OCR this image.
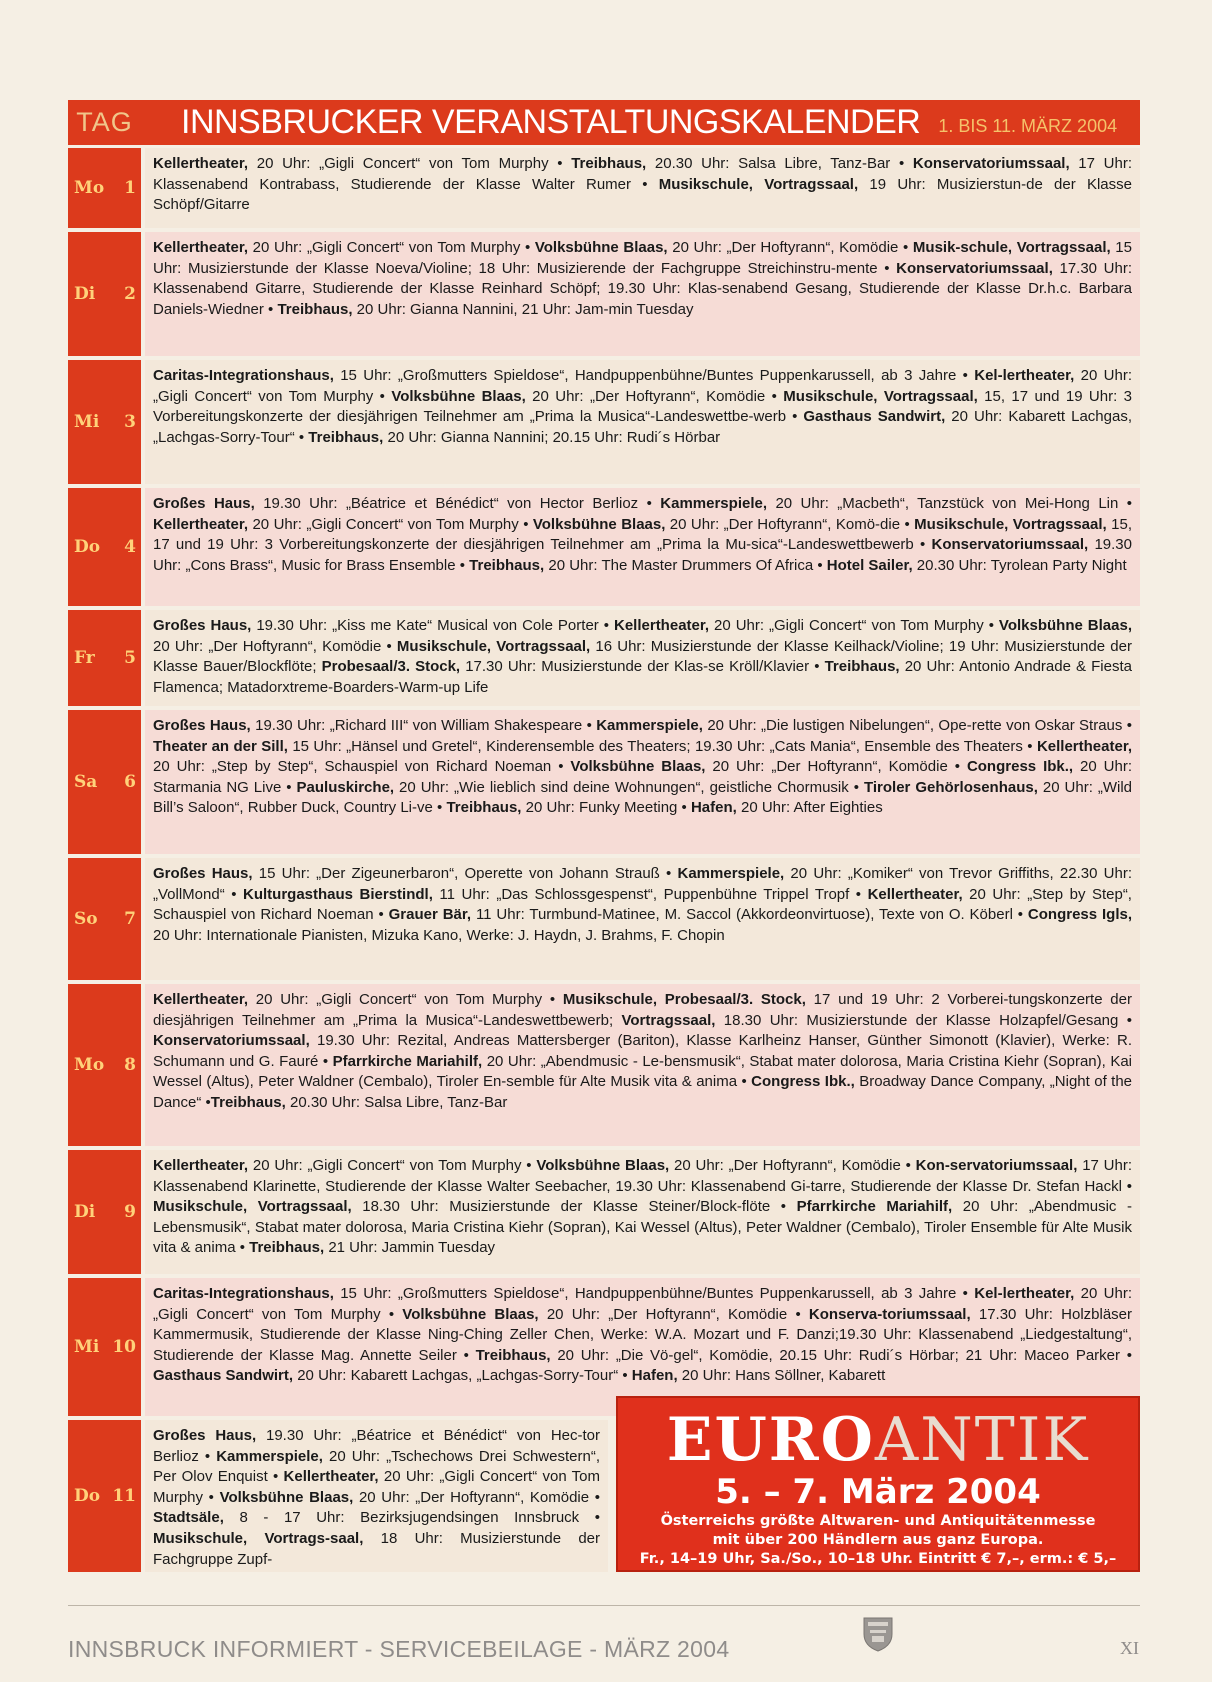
TAG INNSBRUCKER VERANSTALTUNGSKALENDER 1. BIS 11. MÄRZ 2004
Mo 1
Kellertheater, 20 Uhr: „Gigli Concert“ von Tom Murphy • Treibhaus, 20.30 Uhr: Salsa Libre, Tanz-Bar • Konservatoriumssaal, 17 Uhr: Klassenabend Kontrabass, Studierende der Klasse Walter Rumer • Musikschule, Vortragssaal, 19 Uhr: Musizierstun-de der Klasse Schöpf/Gitarre
Di 2
Kellertheater, 20 Uhr: „Gigli Concert“ von Tom Murphy • Volksbühne Blaas, 20 Uhr: „Der Hoftyrann“, Komödie • Musik-schule, Vortragssaal, 15 Uhr: Musizierstunde der Klasse Noeva/Violine; 18 Uhr: Musizierende der Fachgruppe Streichinstru-mente • Konservatoriumssaal, 17.30 Uhr: Klassenabend Gitarre, Studierende der Klasse Reinhard Schöpf; 19.30 Uhr: Klas-senabend Gesang, Studierende der Klasse Dr.h.c. Barbara Daniels-Wiedner • Treibhaus, 20 Uhr: Gianna Nannini, 21 Uhr: Jam-min Tuesday
Mi 3
Caritas-Integrationshaus, 15 Uhr: „Großmutters Spieldose“, Handpuppenbühne/Buntes Puppenkarussell, ab 3 Jahre • Kel-lertheater, 20 Uhr: „Gigli Concert“ von Tom Murphy • Volksbühne Blaas, 20 Uhr: „Der Hoftyrann“, Komödie • Musikschule, Vortragssaal, 15, 17 und 19 Uhr: 3 Vorbereitungskonzerte der diesjährigen Teilnehmer am „Prima la Musica“-Landeswettbe-werb • Gasthaus Sandwirt, 20 Uhr: Kabarett Lachgas, „Lachgas-Sorry-Tour“ • Treibhaus, 20 Uhr: Gianna Nannini; 20.15 Uhr: Rudi´s Hörbar
Do 4
Großes Haus, 19.30 Uhr: „Béatrice et Bénédict“ von Hector Berlioz • Kammerspiele, 20 Uhr: „Macbeth“, Tanzstück von Mei-Hong Lin • Kellertheater, 20 Uhr: „Gigli Concert“ von Tom Murphy • Volksbühne Blaas, 20 Uhr: „Der Hoftyrann“, Komö-die • Musikschule, Vortragssaal, 15, 17 und 19 Uhr: 3 Vorbereitungskonzerte der diesjährigen Teilnehmer am „Prima la Mu-sica“-Landeswettbewerb • Konservatoriumssaal, 19.30 Uhr: „Cons Brass“, Music for Brass Ensemble • Treibhaus, 20 Uhr: The Master Drummers Of Africa • Hotel Sailer, 20.30 Uhr: Tyrolean Party Night
Fr 5
Großes Haus, 19.30 Uhr: „Kiss me Kate“ Musical von Cole Porter • Kellertheater, 20 Uhr: „Gigli Concert“ von Tom Murphy • Volksbühne Blaas, 20 Uhr: „Der Hoftyrann“, Komödie • Musikschule, Vortragssaal, 16 Uhr: Musizierstunde der Klasse Keilhack/Violine; 19 Uhr: Musizierstunde der Klasse Bauer/Blockflöte; Probesaal/3. Stock, 17.30 Uhr: Musizierstunde der Klas-se Kröll/Klavier • Treibhaus, 20 Uhr: Antonio Andrade & Fiesta Flamenca; Matadorxtreme-Boarders-Warm-up Life
Sa 6
Großes Haus, 19.30 Uhr: „Richard III“ von William Shakespeare • Kammerspiele, 20 Uhr: „Die lustigen Nibelungen“, Ope-rette von Oskar Straus • Theater an der Sill, 15 Uhr: „Hänsel und Gretel“, Kinderensemble des Theaters; 19.30 Uhr: „Cats Mania“, Ensemble des Theaters • Kellertheater, 20 Uhr: „Step by Step“, Schauspiel von Richard Noeman • Volksbühne Blaas, 20 Uhr: „Der Hoftyrann“, Komödie • Congress Ibk., 20 Uhr: Starmania NG Live • Pauluskirche, 20 Uhr: „Wie lieblich sind deine Wohnungen“, geistliche Chormusik • Tiroler Gehörlosenhaus, 20 Uhr: „Wild Bill’s Saloon“, Rubber Duck, Country Li-ve • Treibhaus, 20 Uhr: Funky Meeting • Hafen, 20 Uhr: After Eighties
So 7
Großes Haus, 15 Uhr: „Der Zigeunerbaron“, Operette von Johann Strauß • Kammerspiele, 20 Uhr: „Komiker“ von Trevor Griffiths, 22.30 Uhr: „VollMond“ • Kulturgasthaus Bierstindl, 11 Uhr: „Das Schlossgespenst“, Puppenbühne Trippel Tropf • Kellertheater, 20 Uhr: „Step by Step“, Schauspiel von Richard Noeman • Grauer Bär, 11 Uhr: Turmbund-Matinee, M. Saccol (Akkordeonvirtuose), Texte von O. Köberl • Congress Igls, 20 Uhr: Internationale Pianisten, Mizuka Kano, Werke: J. Haydn, J. Brahms, F. Chopin
Mo 8
Kellertheater, 20 Uhr: „Gigli Concert“ von Tom Murphy • Musikschule, Probesaal/3. Stock, 17 und 19 Uhr: 2 Vorberei-tungskonzerte der diesjährigen Teilnehmer am „Prima la Musica“-Landeswettbewerb; Vortragssaal, 18.30 Uhr: Musizierstunde der Klasse Holzapfel/Gesang • Konservatoriumssaal, 19.30 Uhr: Rezital, Andreas Mattersberger (Bariton), Klasse Karlheinz Hanser, Günther Simonott (Klavier), Werke: R. Schumann und G. Fauré • Pfarrkirche Mariahilf, 20 Uhr: „Abendmusic - Le-bensmusik“, Stabat mater dolorosa, Maria Cristina Kiehr (Sopran), Kai Wessel (Altus), Peter Waldner (Cembalo), Tiroler En-semble für Alte Musik vita & anima • Congress Ibk., Broadway Dance Company, „Night of the Dance“ •Treibhaus, 20.30 Uhr: Salsa Libre, Tanz-Bar
Di 9
Kellertheater, 20 Uhr: „Gigli Concert“ von Tom Murphy • Volksbühne Blaas, 20 Uhr: „Der Hoftyrann“, Komödie • Kon-servatoriumssaal, 17 Uhr: Klassenabend Klarinette, Studierende der Klasse Walter Seebacher, 19.30 Uhr: Klassenabend Gi-tarre, Studierende der Klasse Dr. Stefan Hackl • Musikschule, Vortragssaal, 18.30 Uhr: Musizierstunde der Klasse Steiner/Block-flöte • Pfarrkirche Mariahilf, 20 Uhr: „Abendmusic - Lebensmusik“, Stabat mater dolorosa, Maria Cristina Kiehr (Sopran), Kai Wessel (Altus), Peter Waldner (Cembalo), Tiroler Ensemble für Alte Musik vita & anima • Treibhaus, 21 Uhr: Jammin Tuesday
Mi 10
Caritas-Integrationshaus, 15 Uhr: „Großmutters Spieldose“, Handpuppenbühne/Buntes Puppenkarussell, ab 3 Jahre • Kel-lertheater, 20 Uhr: „Gigli Concert“ von Tom Murphy • Volksbühne Blaas, 20 Uhr: „Der Hoftyrann“, Komödie • Konserva-toriumssaal, 17.30 Uhr: Holzbläser Kammermusik, Studierende der Klasse Ning-Ching Zeller Chen, Werke: W.A. Mozart und F. Danzi;19.30 Uhr: Klassenabend „Liedgestaltung“, Studierende der Klasse Mag. Annette Seiler • Treibhaus, 20 Uhr: „Die Vö-gel“, Komödie, 20.15 Uhr: Rudi´s Hörbar; 21 Uhr: Maceo Parker • Gasthaus Sandwirt, 20 Uhr: Kabarett Lachgas, „Lachgas-Sorry-Tour“ • Hafen, 20 Uhr: Hans Söllner, Kabarett
Do 11
Großes Haus, 19.30 Uhr: „Béatrice et Bénédict“ von Hec-tor Berlioz • Kammerspiele, 20 Uhr: „Tschechows Drei Schwestern“, Per Olov Enquist • Kellertheater, 20 Uhr: „Gigli Concert“ von Tom Murphy • Volksbühne Blaas, 20 Uhr: „Der Hoftyrann“, Komödie • Stadtsäle, 8 - 17 Uhr: Bezirksjugendsingen Innsbruck • Musikschule, Vortrags-saal, 18 Uhr: Musizierstunde der Fachgruppe Zupf-
EUROANTIK
5. – 7. März 2004
Österreichs größte Altwaren- und Antiquitätenmesse
mit über 200 Händlern aus ganz Europa.
Fr., 14–19 Uhr, Sa./So., 10–18 Uhr. Eintritt € 7,–, erm.: € 5,–
INNSBRUCK INFORMIERT - SERVICEBEILAGE - MÄRZ 2004	XI
